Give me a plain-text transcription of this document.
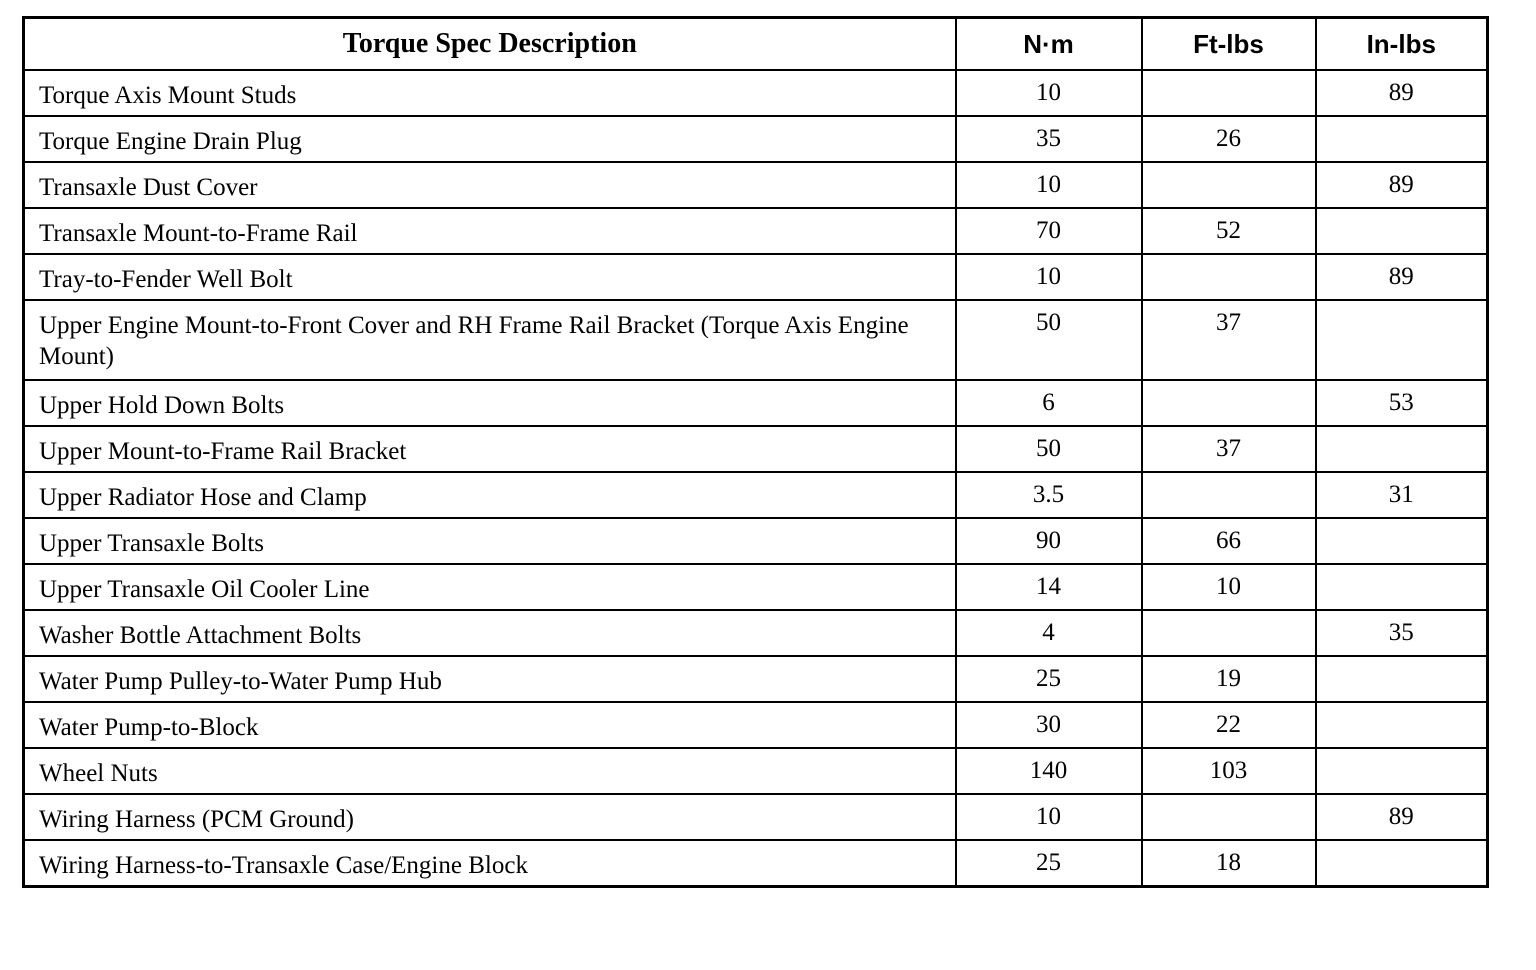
Torque Spec Description	N·m	Ft-lbs	In-lbs
Torque Axis Mount Studs	10		89
Torque Engine Drain Plug	35	26	
Transaxle Dust Cover	10		89
Transaxle Mount-to-Frame Rail	70	52	
Tray-to-Fender Well Bolt	10		89
Upper Engine Mount-to-Front Cover and RH Frame Rail Bracket (Torque Axis Engine Mount)	50	37	
Upper Hold Down Bolts	6		53
Upper Mount-to-Frame Rail Bracket	50	37	
Upper Radiator Hose and Clamp	3.5		31
Upper Transaxle Bolts	90	66	
Upper Transaxle Oil Cooler Line	14	10	
Washer Bottle Attachment Bolts	4		35
Water Pump Pulley-to-Water Pump Hub	25	19	
Water Pump-to-Block	30	22	
Wheel Nuts	140	103	
Wiring Harness (PCM Ground)	10		89
Wiring Harness-to-Transaxle Case/Engine Block	25	18	
